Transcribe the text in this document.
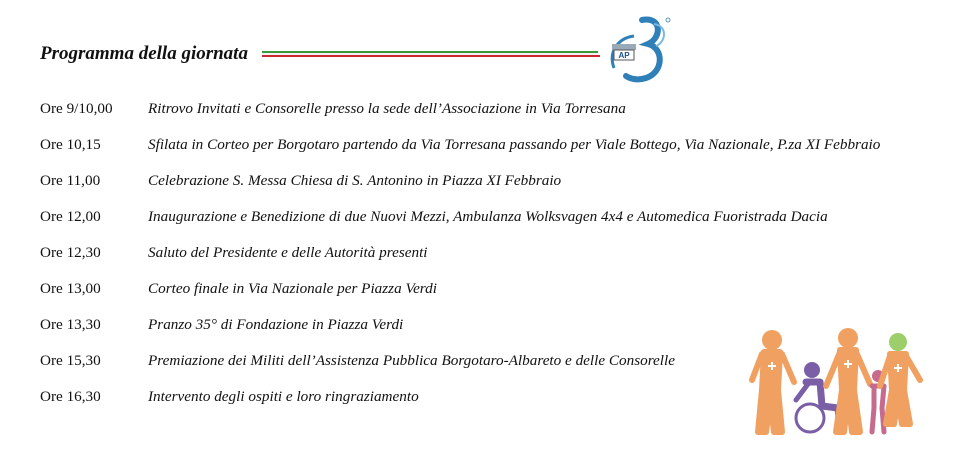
Programma della giornata	AP
Ore 9/10,00 Ritrovo Invitati e Consorelle presso la sede dell’Associazione in Via Torresana
Ore 10,15	Sfilata in Corteo per Borgotaro partendo da Via Torresana passando per Viale Bottego, Via Nazionale, P.za XI Febbraio
Ore 11,00	Celebrazione S. Messa Chiesa di S. Antonino in Piazza XI Febbraio
Ore 12,00	Inaugurazione e Benedizione di due Nuovi Mezzi, Ambulanza Wolksvagen 4x4 e Automedica Fuoristrada Dacia
Ore 12,30	Saluto del Presidente e delle Autorità presenti
Ore 13,00	Corteo finale in Via Nazionale per Piazza Verdi
Ore 13,30	Pranzo 35° di Fondazione in Piazza Verdi
Ore 15,30	Premiazione dei Militi dell’Assistenza Pubblica Borgotaro-Albareto e delle Consorelle
Ore 16,30	Intervento degli ospiti e loro ringraziamento
